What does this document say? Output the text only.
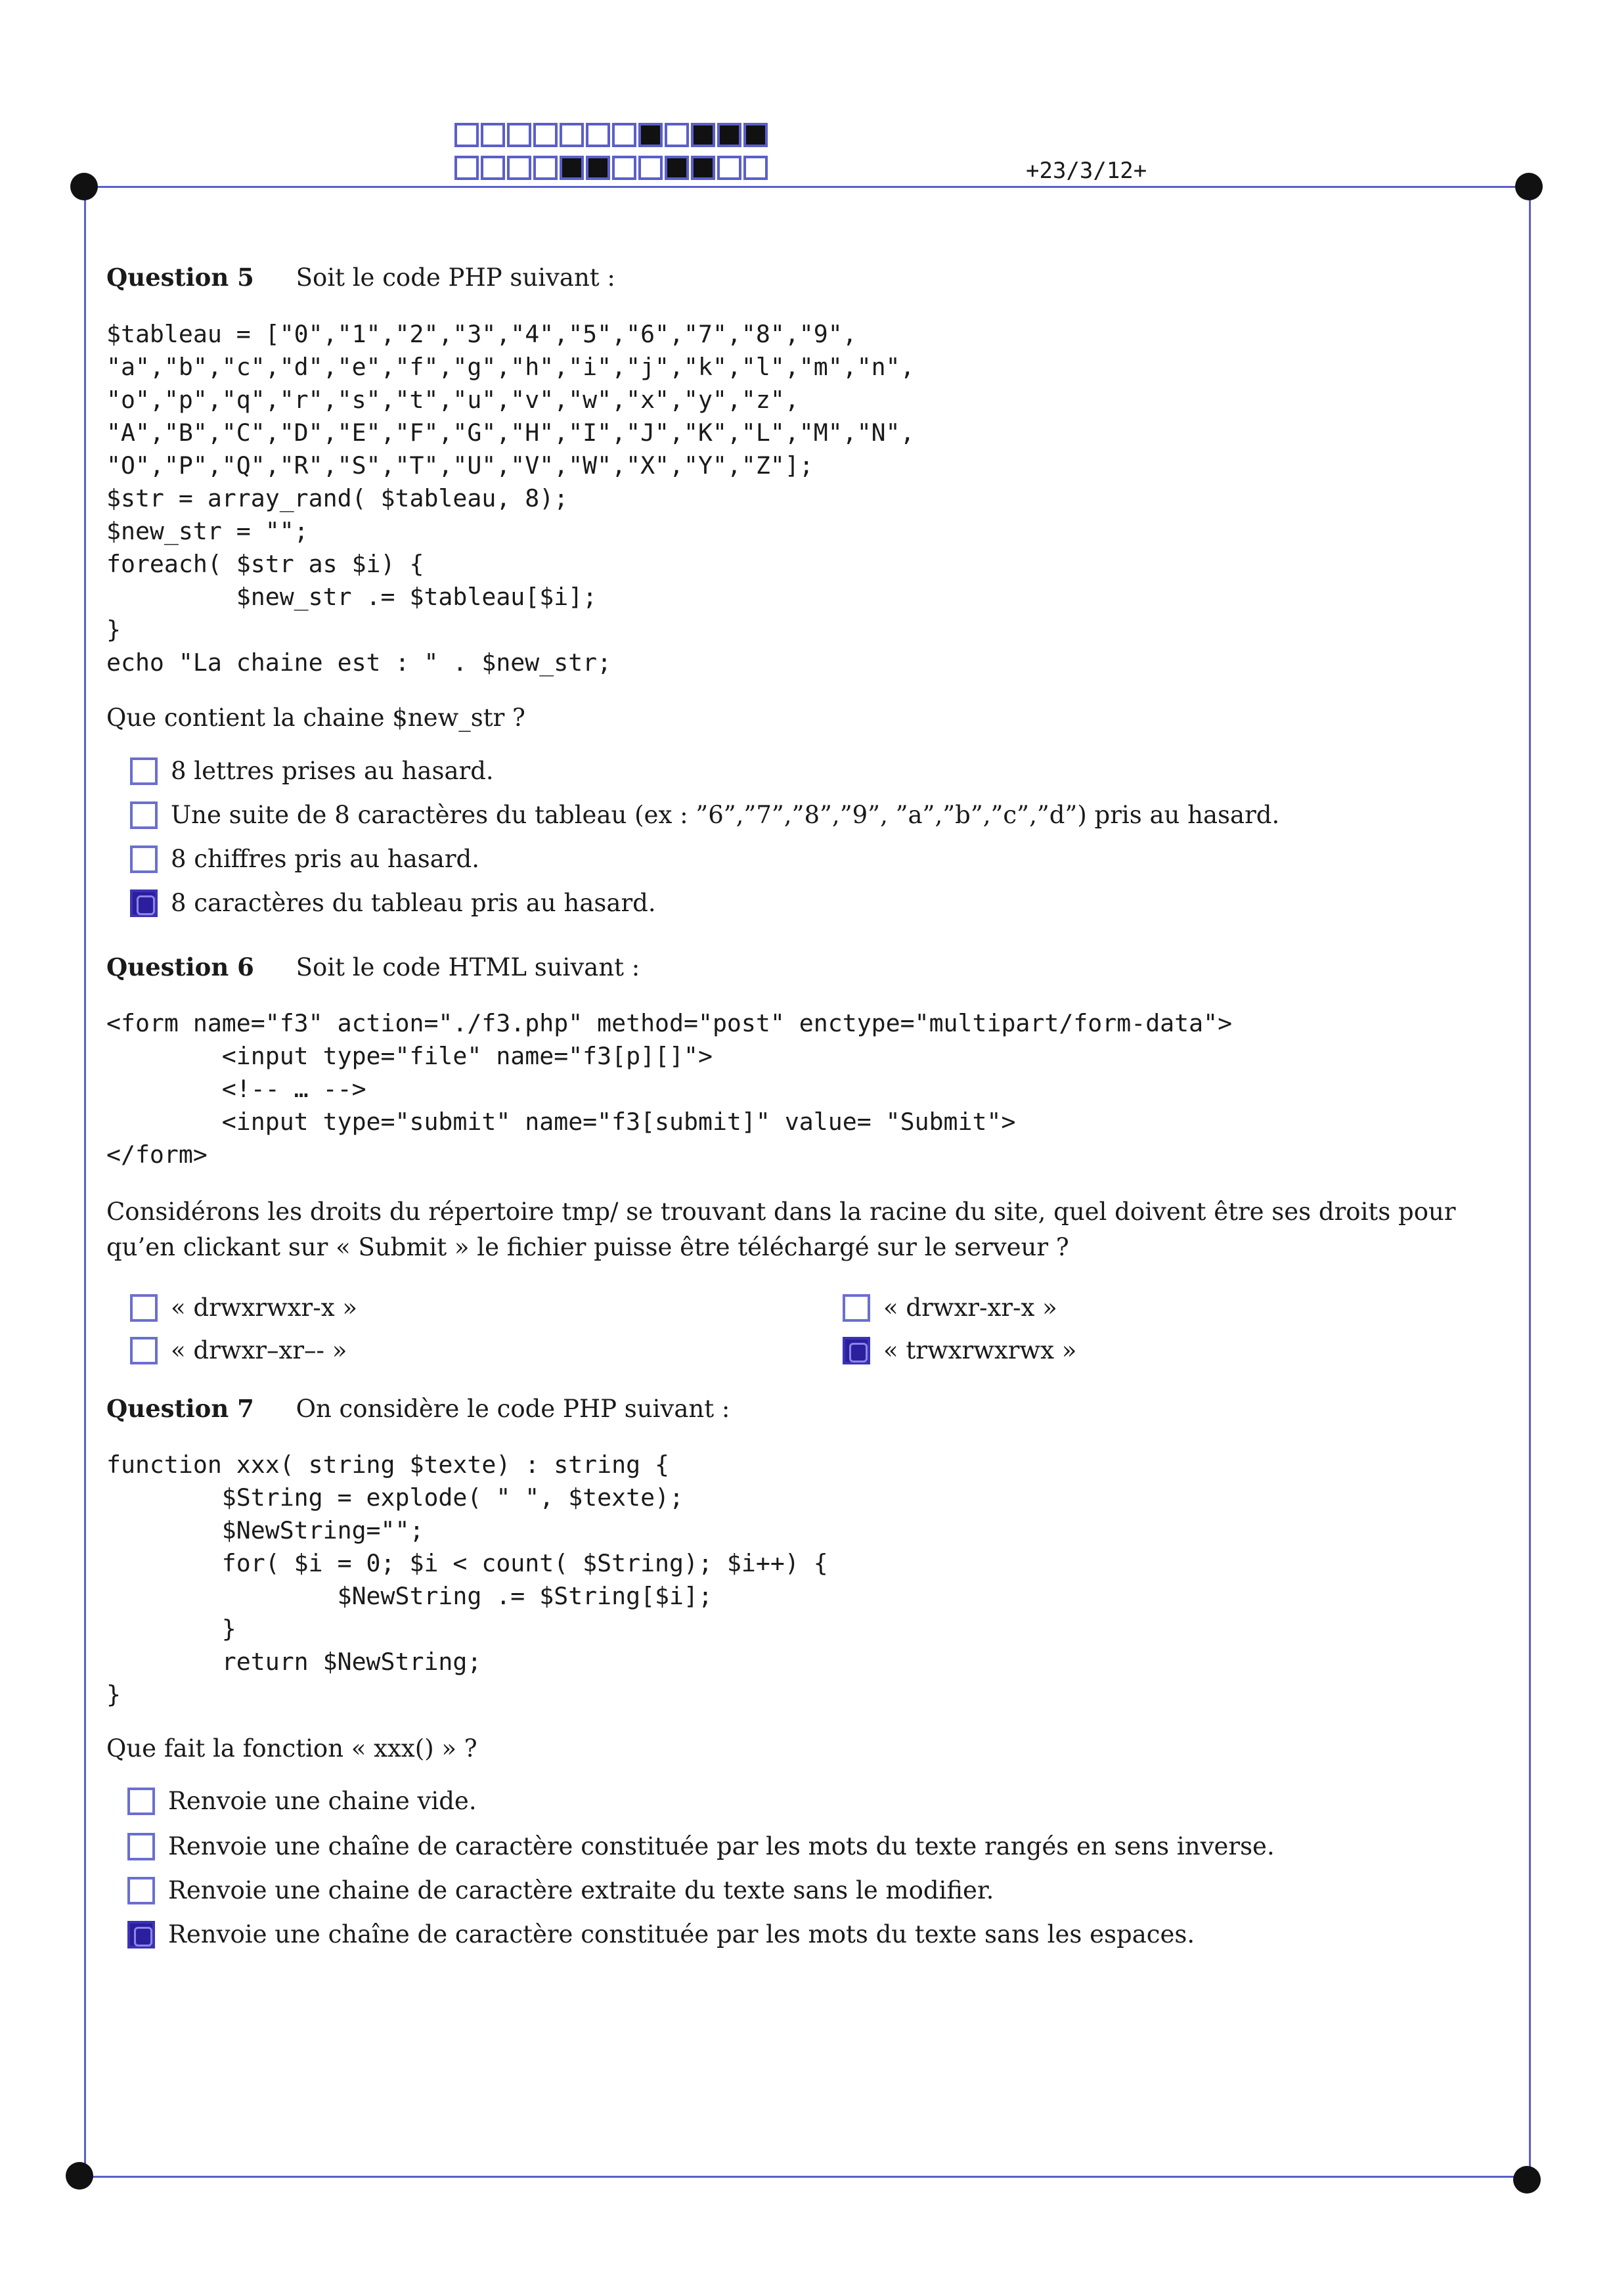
+23/3/12+
Question 5 Soit le code PHP suivant :
$tableau = ["0","1","2","3","4","5","6","7","8","9",
"a","b","c","d","e","f","g","h","i","j","k","l","m","n",
"o","p","q","r","s","t","u","v","w","x","y","z",
"A","B","C","D","E","F","G","H","I","J","K","L","M","N",
"O","P","Q","R","S","T","U","V","W","X","Y","Z"];
$str = array_rand( $tableau, 8);
$new_str = "";
foreach( $str as $i) {
$new_str .= $tableau[$i];
}
echo "La chaine est : " . $new_str;
Que contient la chaine $new_str ?
8 lettres prises au hasard.
Une suite de 8 caractères du tableau (ex : ”6”,”7”,”8”,”9”, ”a”,”b”,”c”,”d”) pris au hasard.
8 chiffres pris au hasard.
8 caractères du tableau pris au hasard.
Question 6 Soit le code HTML suivant :
<form name="f3" action="./f3.php" method="post" enctype="multipart/form-data">
<input type="file" name="f3[p][]">
<!-- … -->
<input type="submit" name="f3[submit]" value= "Submit">
</form>
Considérons les droits du répertoire tmp/ se trouvant dans la racine du site, quel doivent être ses droits pour qu’en clickant sur « Submit » le fichier puisse être téléchargé sur le serveur ?
« drwxrwxr-x »	« drwxr-xr-x »
« drwxr–xr–- »	« trwxrwxrwx »
Question 7 On considère le code PHP suivant :
function xxx( string $texte) : string {
$String = explode( " ", $texte);
$NewString="";
for( $i = 0; $i < count( $String); $i++) {
$NewString .= $String[$i];
}
return $NewString;
}
Que fait la fonction « xxx() » ?
Renvoie une chaine vide.
Renvoie une chaîne de caractère constituée par les mots du texte rangés en sens inverse.
Renvoie une chaine de caractère extraite du texte sans le modifier.
Renvoie une chaîne de caractère constituée par les mots du texte sans les espaces.
